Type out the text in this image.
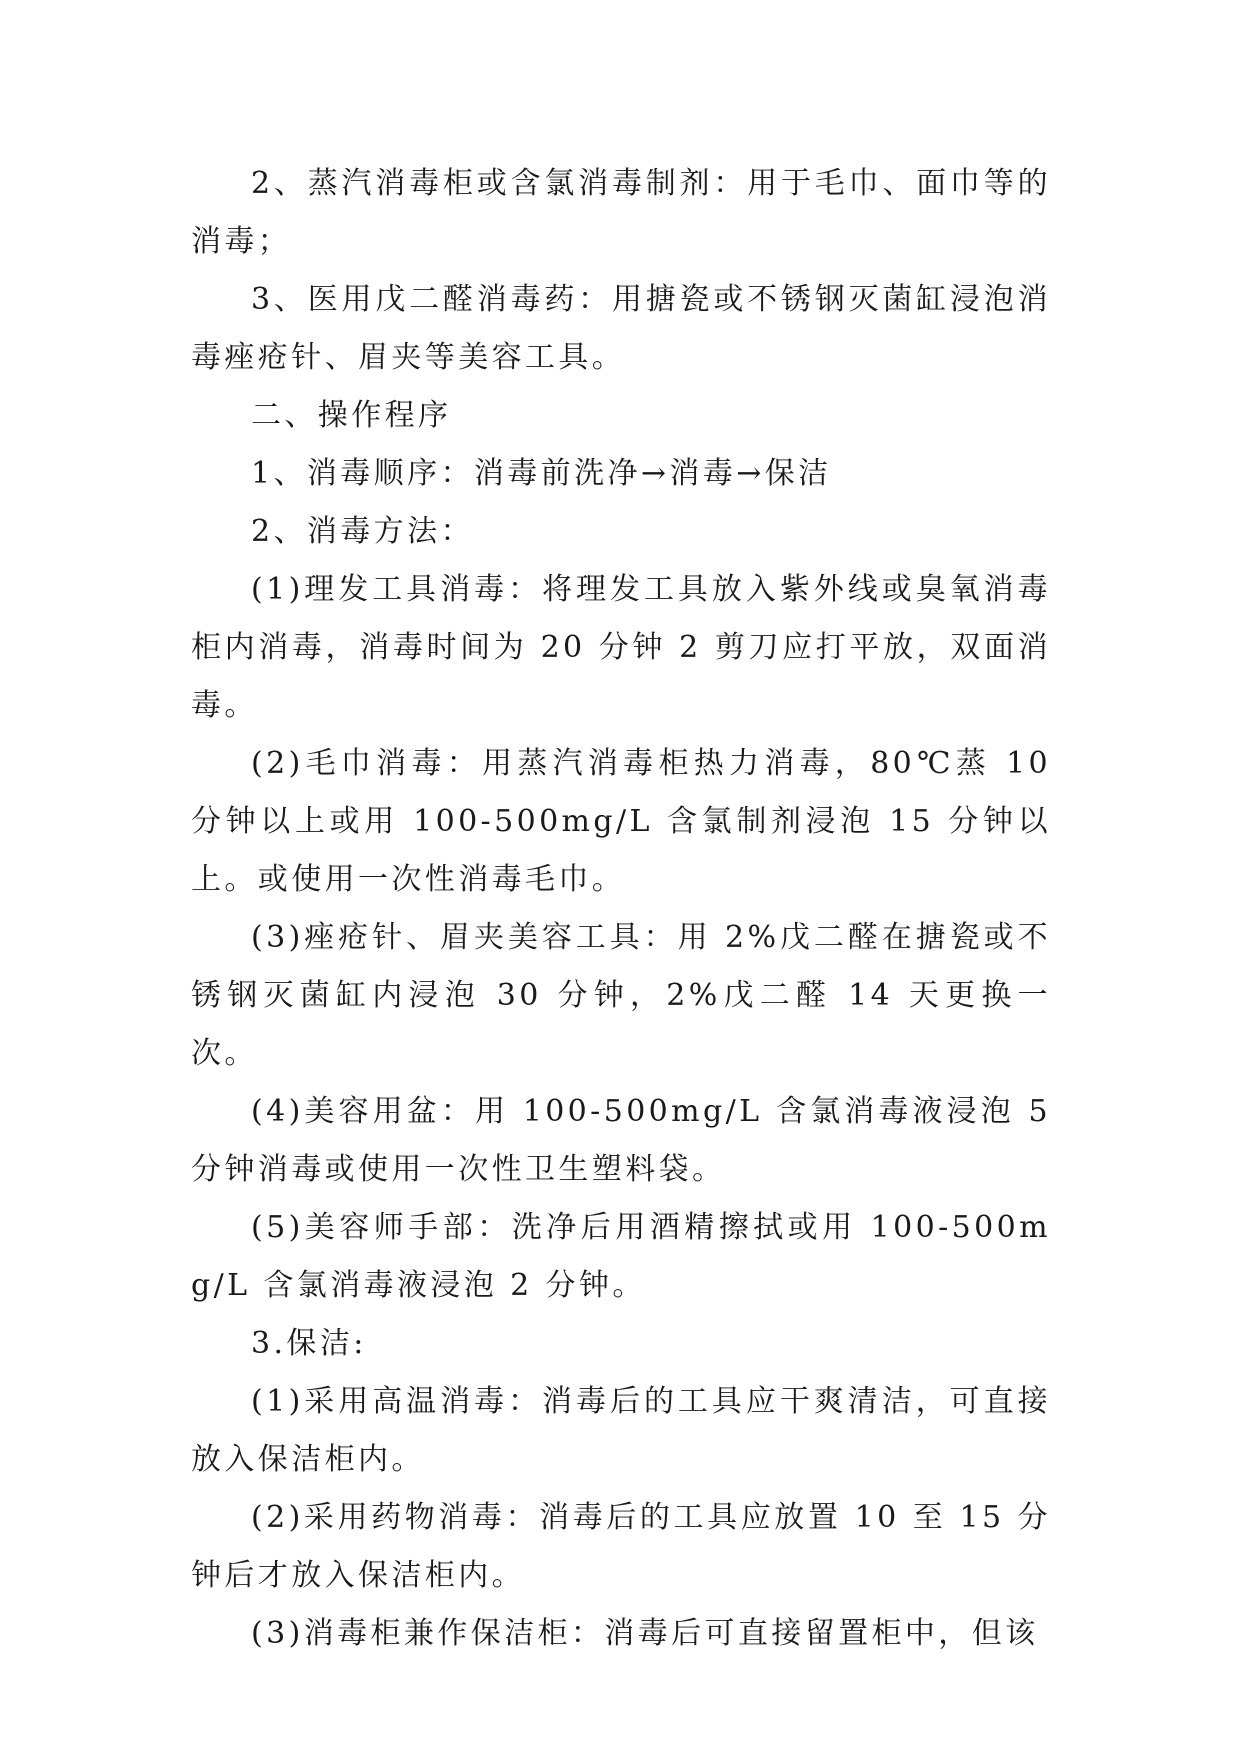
2、蒸汽消毒柜或含氯消毒制剂：用于毛巾、面巾等的消毒；

3、医用戊二醛消毒药：用搪瓷或不锈钢灭菌缸浸泡消毒痤疮针、眉夹等美容工具。

二、操作程序

1、消毒顺序：消毒前洗净→消毒→保洁

2、消毒方法：

(1)理发工具消毒：将理发工具放入紫外线或臭氧消毒柜内消毒，消毒时间为 20 分钟 2 剪刀应打平放，双面消毒。

(2)毛巾消毒：用蒸汽消毒柜热力消毒，80℃蒸 10 分钟以上或用 100-500mg/L 含氯制剂浸泡 15 分钟以上。或使用一次性消毒毛巾。

(3)痤疮针、眉夹美容工具：用 2%戊二醛在搪瓷或不锈钢灭菌缸内浸泡 30 分钟，2%戊二醛 14 天更换一次。

(4)美容用盆：用 100-500mg/L 含氯消毒液浸泡 5 分钟消毒或使用一次性卫生塑料袋。

(5)美容师手部：洗净后用酒精擦拭或用 100-500mg/L 含氯消毒液浸泡 2 分钟。

3.保洁:

(1)采用高温消毒：消毒后的工具应干爽清洁，可直接放入保洁柜内。

(2)采用药物消毒：消毒后的工具应放置 10 至 15 分钟后才放入保洁柜内。

(3)消毒柜兼作保洁柜：消毒后可直接留置柜中，但该
